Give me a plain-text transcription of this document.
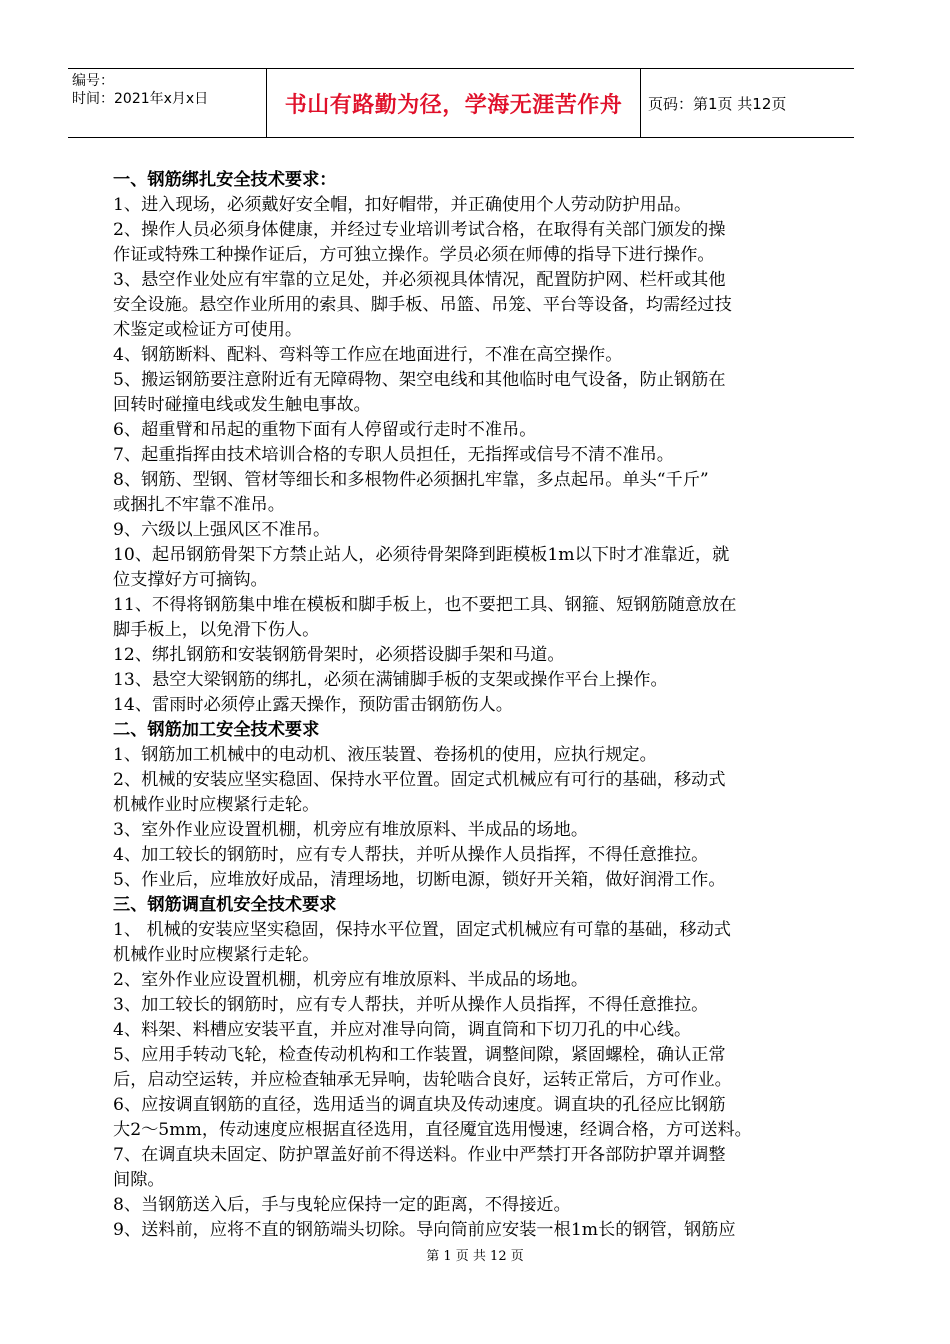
编号：
时间：2021年x月x日	书山有路勤为径，学海无涯苦作舟	页码：第1页 共12页
一、钢筋绑扎安全技术要求：
1、进入现场，必须戴好安全帽，扣好帽带，并正确使用个人劳动防护用品。
2、操作人员必须身体健康，并经过专业培训考试合格，在取得有关部门颁发的操
作证或特殊工种操作证后，方可独立操作。学员必须在师傅的指导下进行操作。
3、悬空作业处应有牢靠的立足处，并必须视具体情况，配置防护网、栏杆或其他
安全设施。悬空作业所用的索具、脚手板、吊篮、吊笼、平台等设备，均需经过技
术鉴定或检证方可使用。
4、钢筋断料、配料、弯料等工作应在地面进行，不准在高空操作。
5、搬运钢筋要注意附近有无障碍物、架空电线和其他临时电气设备，防止钢筋在
回转时碰撞电线或发生触电事故。
6、超重臂和吊起的重物下面有人停留或行走时不准吊。
7、起重指挥由技术培训合格的专职人员担任，无指挥或信号不清不准吊。
8、钢筋、型钢、管材等细长和多根物件必须捆扎牢靠，多点起吊。单头“千斤”
或捆扎不牢靠不准吊。
9、六级以上强风区不准吊。
10、起吊钢筋骨架下方禁止站人，必须待骨架降到距模板1m以下时才准靠近，就
位支撑好方可摘钩。
11、不得将钢筋集中堆在模板和脚手板上，也不要把工具、钢箍、短钢筋随意放在
脚手板上，以免滑下伤人。
12、绑扎钢筋和安装钢筋骨架时，必须搭设脚手架和马道。
13、悬空大梁钢筋的绑扎，必须在满铺脚手板的支架或操作平台上操作。
14、雷雨时必须停止露天操作，预防雷击钢筋伤人。
二、钢筋加工安全技术要求
1、钢筋加工机械中的电动机、液压装置、卷扬机的使用，应执行规定。
2、机械的安装应坚实稳固、保持水平位置。固定式机械应有可行的基础，移动式
机械作业时应楔紧行走轮。
3、室外作业应设置机棚，机旁应有堆放原料、半成品的场地。
4、加工较长的钢筋时，应有专人帮扶，并听从操作人员指挥，不得任意推拉。
5、作业后，应堆放好成品，清理场地，切断电源，锁好开关箱，做好润滑工作。
三、钢筋调直机安全技术要求
1、 机械的安装应坚实稳固，保持水平位置，固定式机械应有可靠的基础，移动式
机械作业时应楔紧行走轮。
2、室外作业应设置机棚，机旁应有堆放原料、半成品的场地。
3、加工较长的钢筋时，应有专人帮扶，并听从操作人员指挥，不得任意推拉。
4、料架、料槽应安装平直，并应对准导向筒，调直筒和下切刀孔的中心线。
5、应用手转动飞轮，检查传动机构和工作装置，调整间隙，紧固螺栓，确认正常
后，启动空运转，并应检查轴承无异响，齿轮啮合良好，运转正常后，方可作业。
6、应按调直钢筋的直径，选用适当的调直块及传动速度。调直块的孔径应比钢筋
大2～5mm，传动速度应根据直径选用，直径魇宜选用慢速，经调合格，方可送料。
7、在调直块未固定、防护罩盖好前不得送料。作业中严禁打开各部防护罩并调整
间隙。
8、当钢筋送入后，手与曳轮应保持一定的距离，不得接近。
9、送料前，应将不直的钢筋端头切除。导向筒前应安装一根1m长的钢管，钢筋应
第 1 页 共 12 页
